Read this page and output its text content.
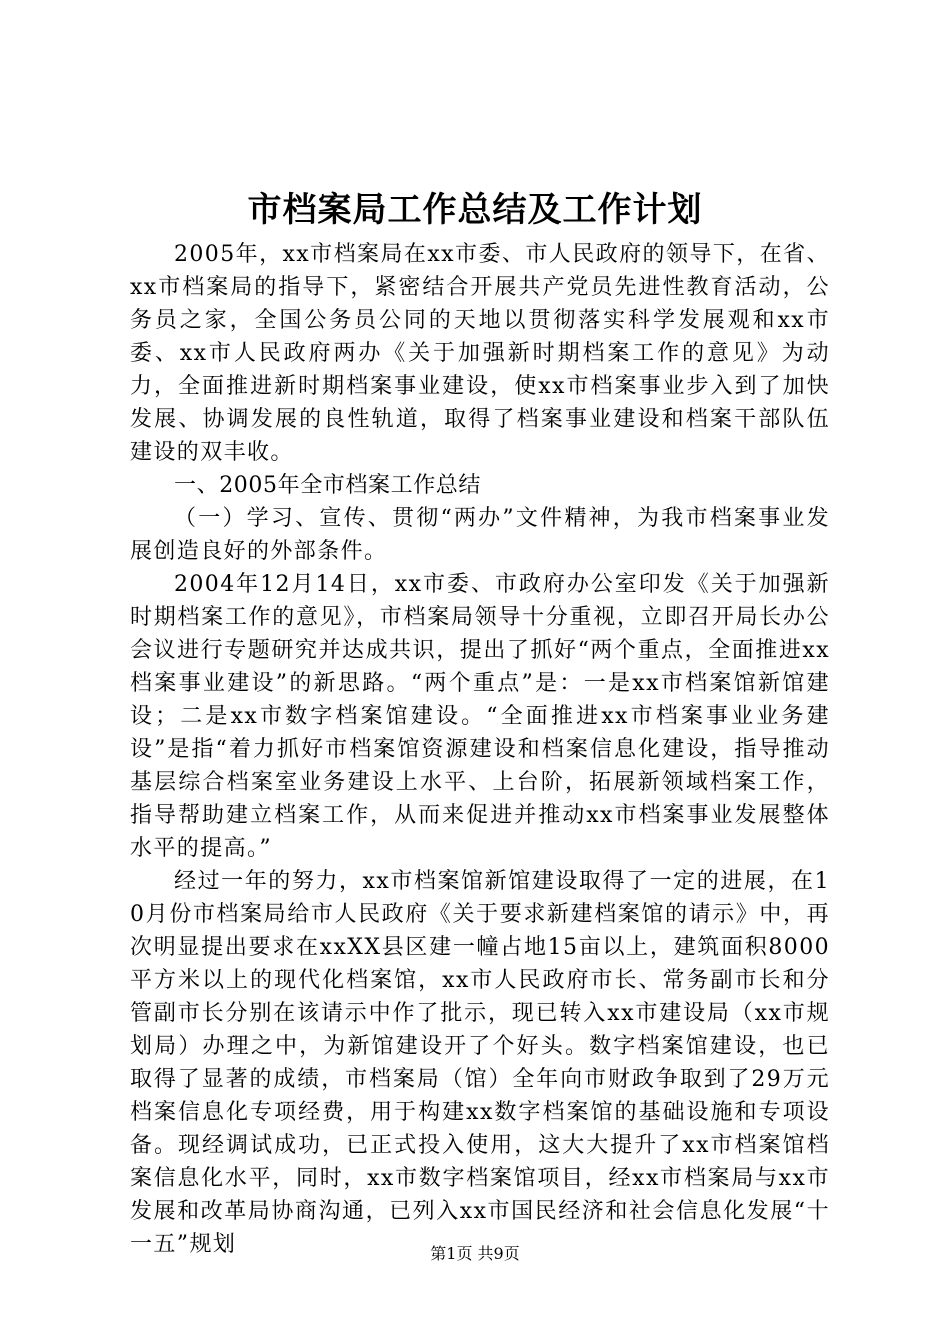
市档案局工作总结及工作计划

2005年，xx市档案局在xx市委、市人民政府的领导下，在省、xx市档案局的指导下，紧密结合开展共产党员先进性教育活动，公务员之家，全国公务员公同的天地以贯彻落实科学发展观和xx市委、xx市人民政府两办《关于加强新时期档案工作的意见》为动力，全面推进新时期档案事业建设，使xx市档案事业步入到了加快发展、协调发展的良性轨道，取得了档案事业建设和档案干部队伍建设的双丰收。

一、2005年全市档案工作总结

（一）学习、宣传、贯彻“两办”文件精神，为我市档案事业发展创造良好的外部条件。

2004年12月14日，xx市委、市政府办公室印发《关于加强新时期档案工作的意见》，市档案局领导十分重视，立即召开局长办公会议进行专题研究并达成共识，提出了抓好“两个重点，全面推进xx档案事业建设”的新思路。“两个重点”是：一是xx市档案馆新馆建设；二是xx市数字档案馆建设。“全面推进xx市档案事业业务建设”是指“着力抓好市档案馆资源建设和档案信息化建设，指导推动基层综合档案室业务建设上水平、上台阶，拓展新领域档案工作，指导帮助建立档案工作，从而来促进并推动xx市档案事业发展整体水平的提高。”

经过一年的努力，xx市档案馆新馆建设取得了一定的进展，在10月份市档案局给市人民政府《关于要求新建档案馆的请示》中，再次明显提出要求在xxXX县区建一幢占地15亩以上，建筑面积8000平方米以上的现代化档案馆，xx市人民政府市长、常务副市长和分管副市长分别在该请示中作了批示，现已转入xx市建设局（xx市规划局）办理之中，为新馆建设开了个好头。数字档案馆建设，也已取得了显著的成绩，市档案局（馆）全年向市财政争取到了29万元档案信息化专项经费，用于构建xx数字档案馆的基础设施和专项设备。现经调试成功，已正式投入使用，这大大提升了xx市档案馆档案信息化水平，同时，xx市数字档案馆项目，经xx市档案局与xx市发展和改革局协商沟通，已列入xx市国民经济和社会信息化发展“十一五”规划	第1页 共9页
